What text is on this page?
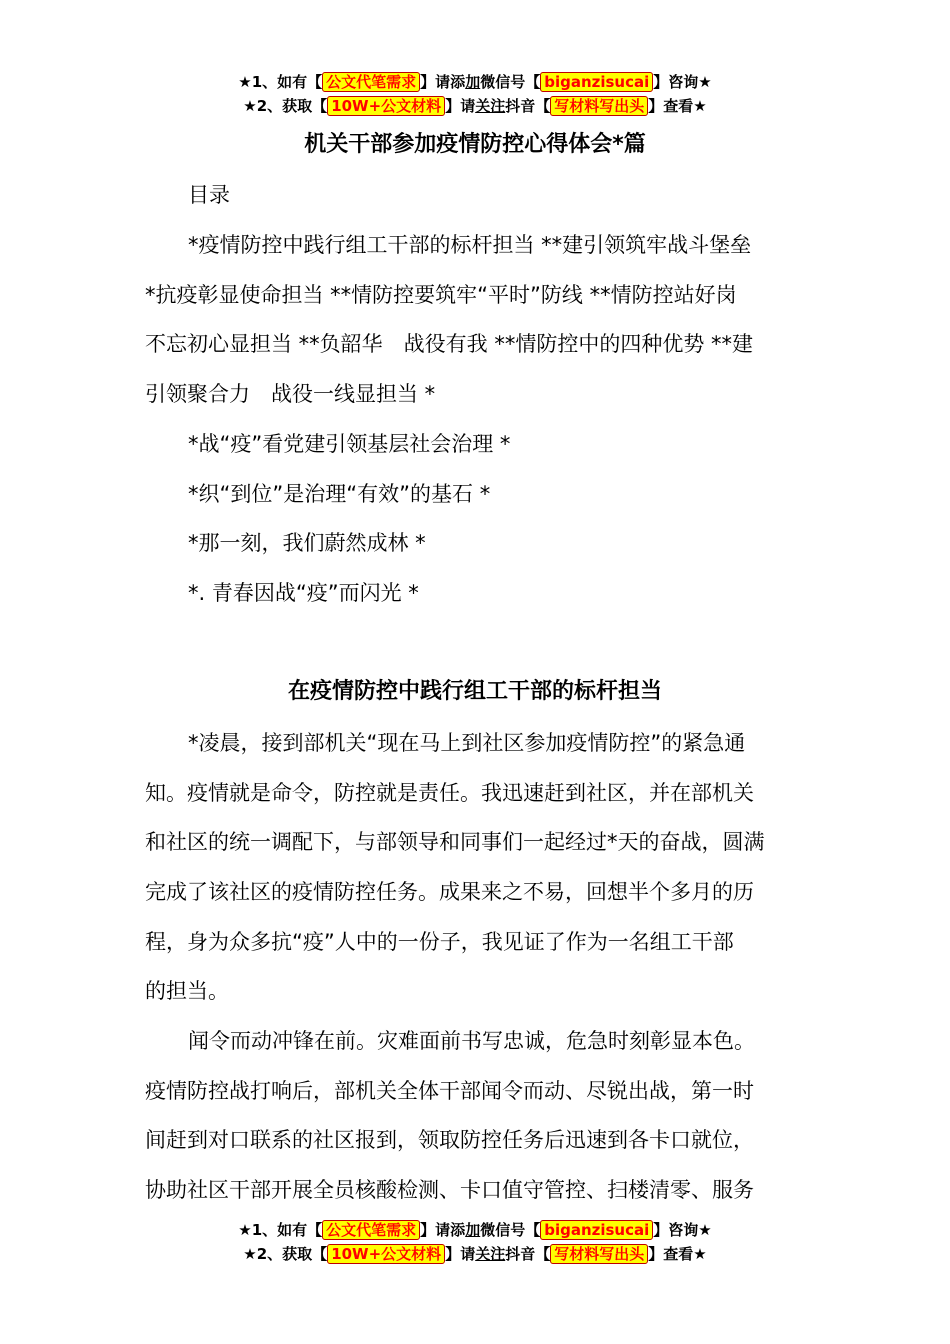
★1、如有【 公文代笔需求 】请添加微信号【 biganzisucai 】咨询★
★2、获取【 10W+公文材料 】请关注抖音【 写材料写出头 】查看★
机关干部参加疫情防控心得体会*篇
目录
*疫情防控中践行组工干部的标杆担当 **建引领筑牢战斗堡垒
*抗疫彰显使命担当 **情防控要筑牢“平时”防线 **情防控站好岗
不忘初心显担当 **负韶华　战役有我 **情防控中的四种优势 **建
引领聚合力　战役一线显担当 *
*战“疫”看党建引领基层社会治理 *
*织“到位”是治理“有效”的基石 *
*那一刻，我们蔚然成林 *
*. 青春因战“疫”而闪光 *
在疫情防控中践行组工干部的标杆担当
*凌晨，接到部机关“现在马上到社区参加疫情防控”的紧急通
知。疫情就是命令，防控就是责任。我迅速赶到社区，并在部机关
和社区的统一调配下，与部领导和同事们一起经过*天的奋战，圆满
完成了该社区的疫情防控任务。成果来之不易，回想半个多月的历
程，身为众多抗“疫”人中的一份子，我见证了作为一名组工干部
的担当。
闻令而动冲锋在前。灾难面前书写忠诚，危急时刻彰显本色。
疫情防控战打响后，部机关全体干部闻令而动、尽锐出战，第一时
间赶到对口联系的社区报到，领取防控任务后迅速到各卡口就位，
协助社区干部开展全员核酸检测、卡口值守管控、扫楼清零、服务
★1、如有【 公文代笔需求 】请添加微信号【 biganzisucai 】咨询★
★2、获取【 10W+公文材料 】请关注抖音【 写材料写出头 】查看★
